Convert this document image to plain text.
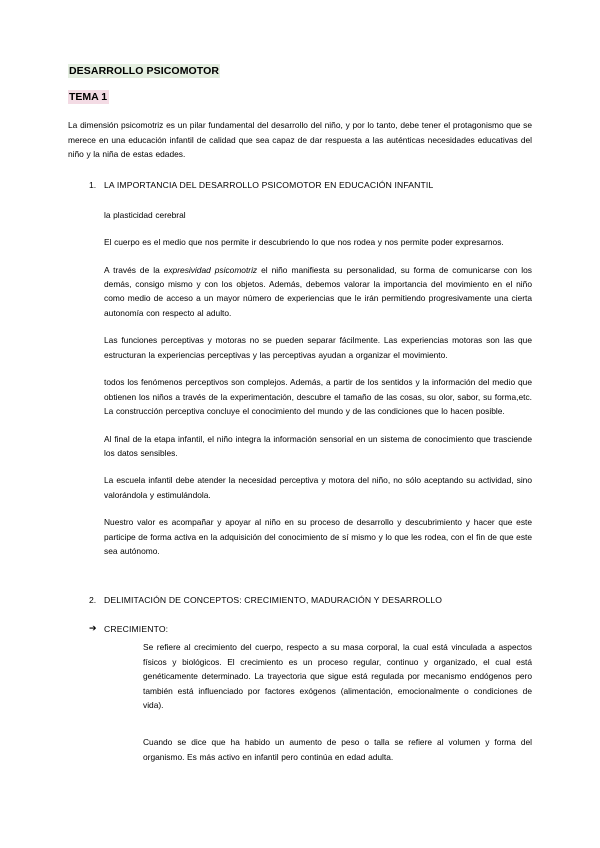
DESARROLLO PSICOMOTOR
TEMA 1

La dimensión psicomotriz es un pilar fundamental del desarrollo del niño, y por lo tanto, debe tener el protagonismo que se merece en una educación infantil de calidad que sea capaz de dar respuesta a las auténticas necesidades educativas del niño y la niña de estas edades.

1. LA IMPORTANCIA DEL DESARROLLO PSICOMOTOR EN EDUCACIÓN INFANTIL

la plasticidad cerebral

El cuerpo es el medio que nos permite ir descubriendo lo que nos rodea y nos permite poder expresarnos.

A través de la expresividad psicomotriz el niño manifiesta su personalidad, su forma de comunicarse con los demás, consigo mismo y con los objetos. Además, debemos valorar la importancia del movimiento en el niño como medio de acceso a un mayor número de experiencias que le irán permitiendo progresivamente una cierta autonomía con respecto al adulto.

Las funciones perceptivas y motoras no se pueden separar fácilmente. Las experiencias motoras son las que estructuran la experiencias perceptivas y las perceptivas ayudan a organizar el movimiento.

todos los fenómenos perceptivos son complejos. Además, a partir de los sentidos y la información del medio que obtienen los niños a través de la experimentación, descubre el tamaño de las cosas, su olor, sabor, su forma,etc. La construcción perceptiva concluye el conocimiento del mundo y de las condiciones que lo hacen posible.

Al final de la etapa infantil, el niño integra la información sensorial en un sistema de conocimiento que trasciende los datos sensibles.

La escuela infantil debe atender la necesidad perceptiva y motora del niño, no sólo aceptando su actividad, sino valorándola y estimulándola.

Nuestro valor es acompañar y apoyar al niño en su proceso de desarrollo y descubrimiento y hacer que este participe de forma activa en la adquisición del conocimiento de sí mismo y lo que les rodea, con el fin de que este sea autónomo.

2. DELIMITACIÓN DE CONCEPTOS: CRECIMIENTO, MADURACIÓN Y DESARROLLO
➔ CRECIMIENTO:

Se refiere al crecimiento del cuerpo, respecto a su masa corporal, la cual está vinculada a aspectos físicos y biológicos. El crecimiento es un proceso regular, continuo y organizado, el cual está genéticamente determinado. La trayectoria que sigue está regulada por mecanismo endógenos pero también está influenciado por factores exógenos (alimentación, emocionalmente o condiciones de vida).

Cuando se dice que ha habido un aumento de peso o talla se refiere al volumen y forma del organismo. Es más activo en infantil pero continúa en edad adulta.
